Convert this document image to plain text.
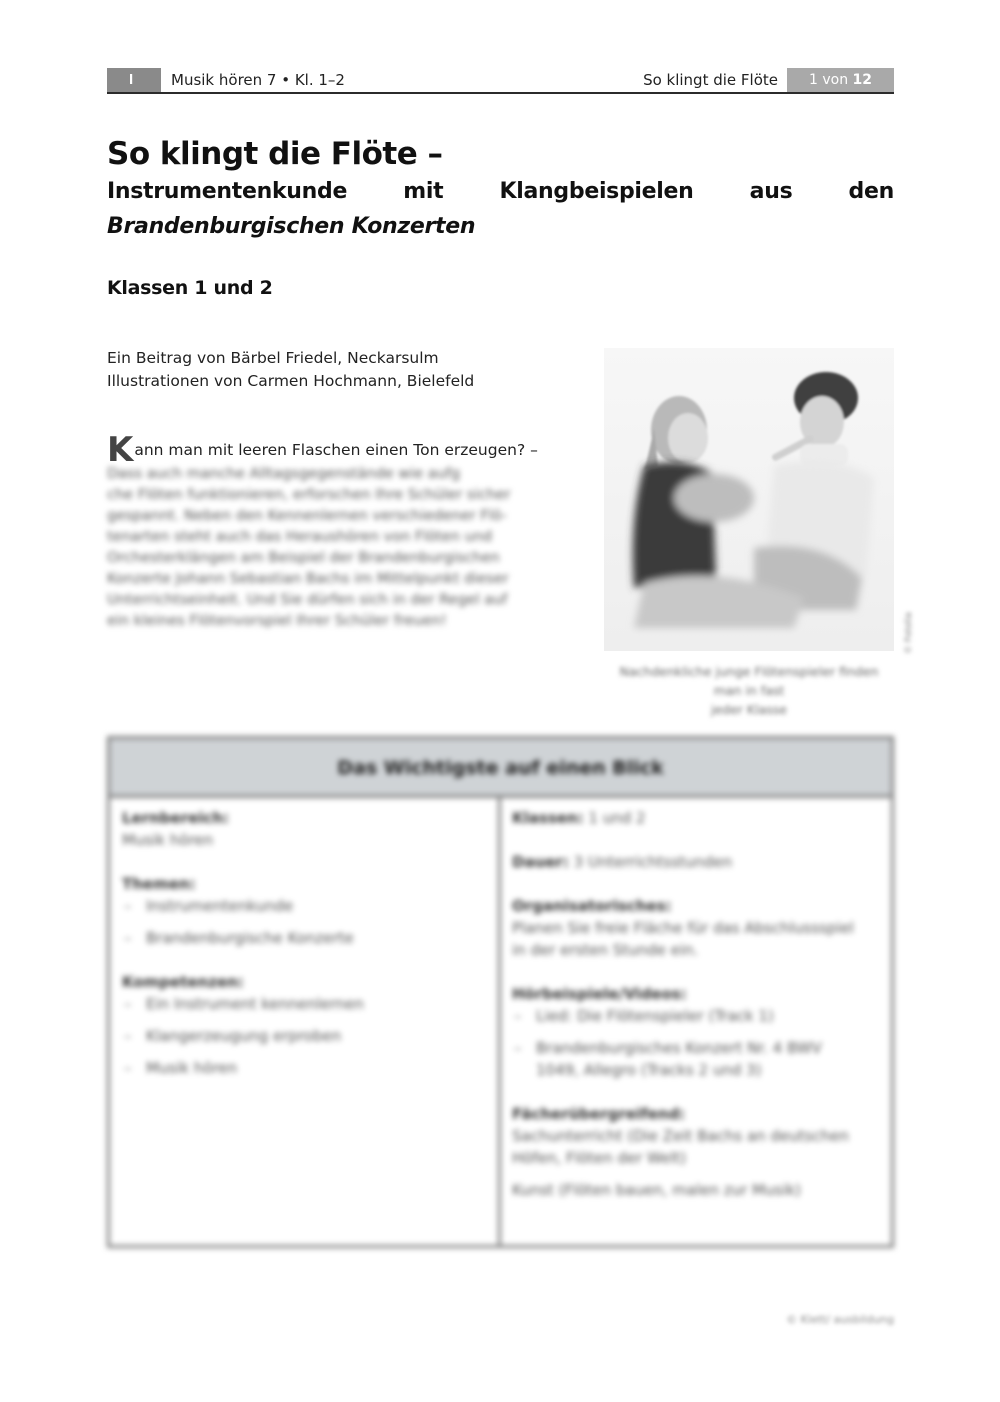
I	Musik hören 7 • Kl. 1–2	So klingt die Flöte	1 von 12
So klingt die Flöte –
Instrumentenkunde mit Klangbeispielen aus den Brandenburgischen Konzerten
Klassen 1 und 2
Ein Beitrag von Bärbel Friedel, Neckarsulm
Illustrationen von Carmen Hochmann, Bielefeld
Kann man mit leeren Flaschen einen Ton erzeugen? –
Dass auch manche Alltagsgegenstände wie aufg
che Flöten funktionieren, erforschen Ihre Schüler sicher
gespannt. Neben den Kennenlernen verschiedener Flö-
tenarten steht auch das Heraushören von Flöten und
Orchesterklängen am Beispiel der Brandenburgischen
Konzerte Johann Sebastian Bachs im Mittelpunkt dieser
Unterrichtseinheit. Und Sie dürfen sich in der Regel auf
ein kleines Flötenvorspiel Ihrer Schüler freuen!	© Fotolia
Nachdenkliche junge Flötenspieler finden man in fast
jeder Klasse
Das Wichtigste auf einen Blick
Lernbereich:
Musik hören
Themen:
– Instrumentenkunde
– Brandenburgische Konzerte
Kompetenzen:
– Ein Instrument kennenlernen
– Klangerzeugung erproben
– Musik hören
Klassen: 1 und 2
Dauer: 3 Unterrichtsstunden
Organisatorisches:
Planen Sie freie Fläche für das Abschlussspiel
in der ersten Stunde ein.
Hörbeispiele/Videos:
– Lied: Die Flötenspieler (Track 1)
– Brandenburgisches Konzert Nr. 4 BWV
1049, Allegro (Tracks 2 und 3)
Fächerübergreifend:
Sachunterricht (Die Zeit Bachs an deutschen
Höfen, Flöten der Welt)
Kunst (Flöten bauen, malen zur Musik)
© Klett/ ausbildung
